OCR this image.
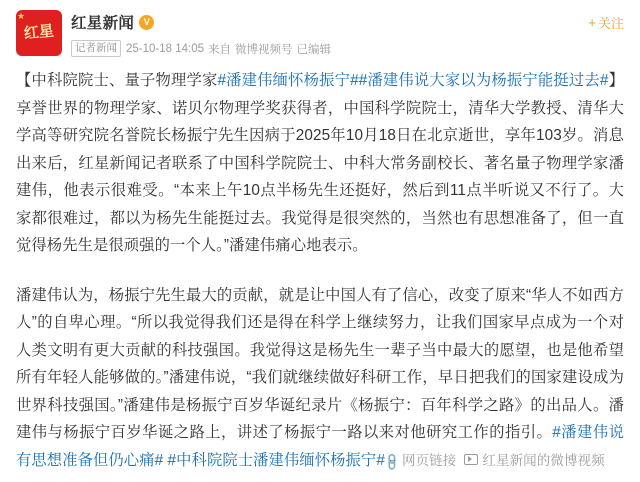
★
红星 红星新闻	V
记者新闻 25-10-18 14:05 来自 微博视频号 已编辑
+ 关注

【中科院院士、量子物理学家#潘建伟缅怀杨振宁##潘建伟说大家以为杨振宁能挺过去#】享誉世界的物理学家、诺贝尔物理学奖获得者，中国科学院院士，清华大学教授、清华大学高等研究院名誉院长杨振宁先生因病于2025年10月18日在北京逝世，享年103岁。消息出来后，红星新闻记者联系了中国科学院院士、中科大常务副校长、著名量子物理学家潘建伟，他表示很难受。“本来上午10点半杨先生还挺好，然后到11点半听说又不行了。大家都很难过，都以为杨先生能挺过去。我觉得是很突然的，当然也有思想准备了，但一直觉得杨先生是很顽强的一个人。”潘建伟痛心地表示。

潘建伟认为，杨振宁先生最大的贡献，就是让中国人有了信心，改变了原来“华人不如西方人”的自卑心理。“所以我觉得我们还是得在科学上继续努力，让我们国家早点成为一个对人类文明有更大贡献的科技强国。我觉得这是杨先生一辈子当中最大的愿望，也是他希望所有年轻人能够做的。”潘建伟说，“我们就继续做好科研工作，早日把我们的国家建设成为世界科技强国。”潘建伟是杨振宁百岁华诞纪录片《杨振宁：百年科学之路》的出品人。潘建伟与杨振宁百岁华诞之路上，讲述了杨振宁一路以来对他研究工作的指引。#潘建伟说有思想准备但仍心痛# #中科院院士潘建伟缅怀杨振宁#🔗网页链接 红星新闻的微博视频
